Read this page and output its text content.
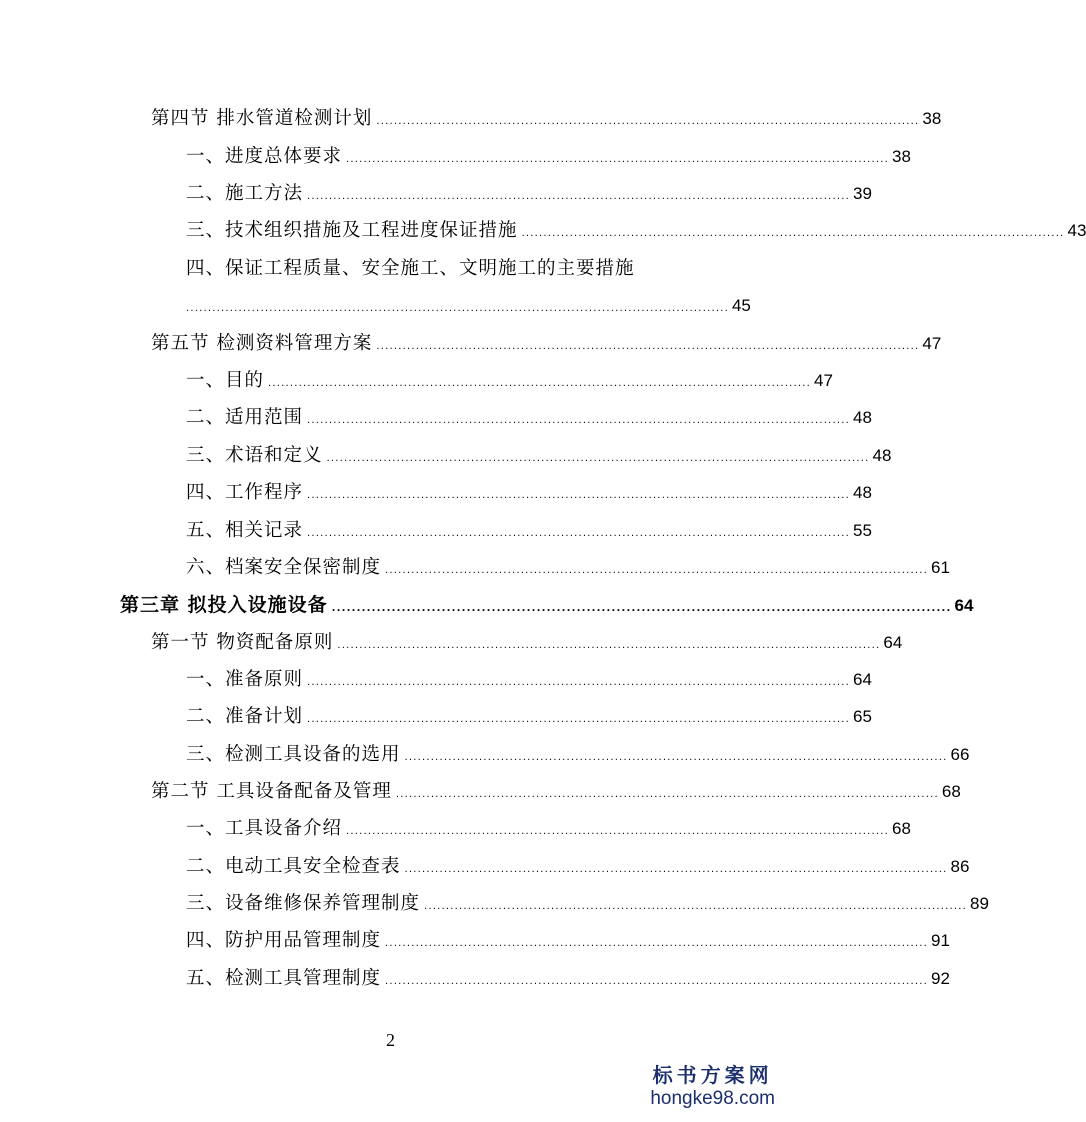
第四节 排水管道检测计划 ............................................................................................................................ 38
一、进度总体要求 ............................................................................................................................ 38
二、施工方法 ............................................................................................................................ 39
三、技术组织措施及工程进度保证措施 ............................................................................................................................ 43
四、保证工程质量、安全施工、文明施工的主要措施
............................................................................................................................ 45
第五节 检测资料管理方案 ............................................................................................................................ 47
一、目的 ............................................................................................................................ 47
二、适用范围 ............................................................................................................................ 48
三、术语和定义 ............................................................................................................................ 48
四、工作程序 ............................................................................................................................ 48
五、相关记录 ............................................................................................................................ 55
六、档案安全保密制度 ............................................................................................................................ 61
第三章 拟投入设施设备 ............................................................................................................................ 64
第一节 物资配备原则 ............................................................................................................................ 64
一、准备原则 ............................................................................................................................ 64
二、准备计划 ............................................................................................................................ 65
三、检测工具设备的选用 ............................................................................................................................ 66
第二节 工具设备配备及管理 ............................................................................................................................ 68
一、工具设备介绍 ............................................................................................................................ 68
二、电动工具安全检查表 ............................................................................................................................ 86
三、设备维修保养管理制度 ............................................................................................................................ 89
四、防护用品管理制度 ............................................................................................................................ 91
五、检测工具管理制度 ............................................................................................................................ 92
2
标书方案网
hongke98.com
